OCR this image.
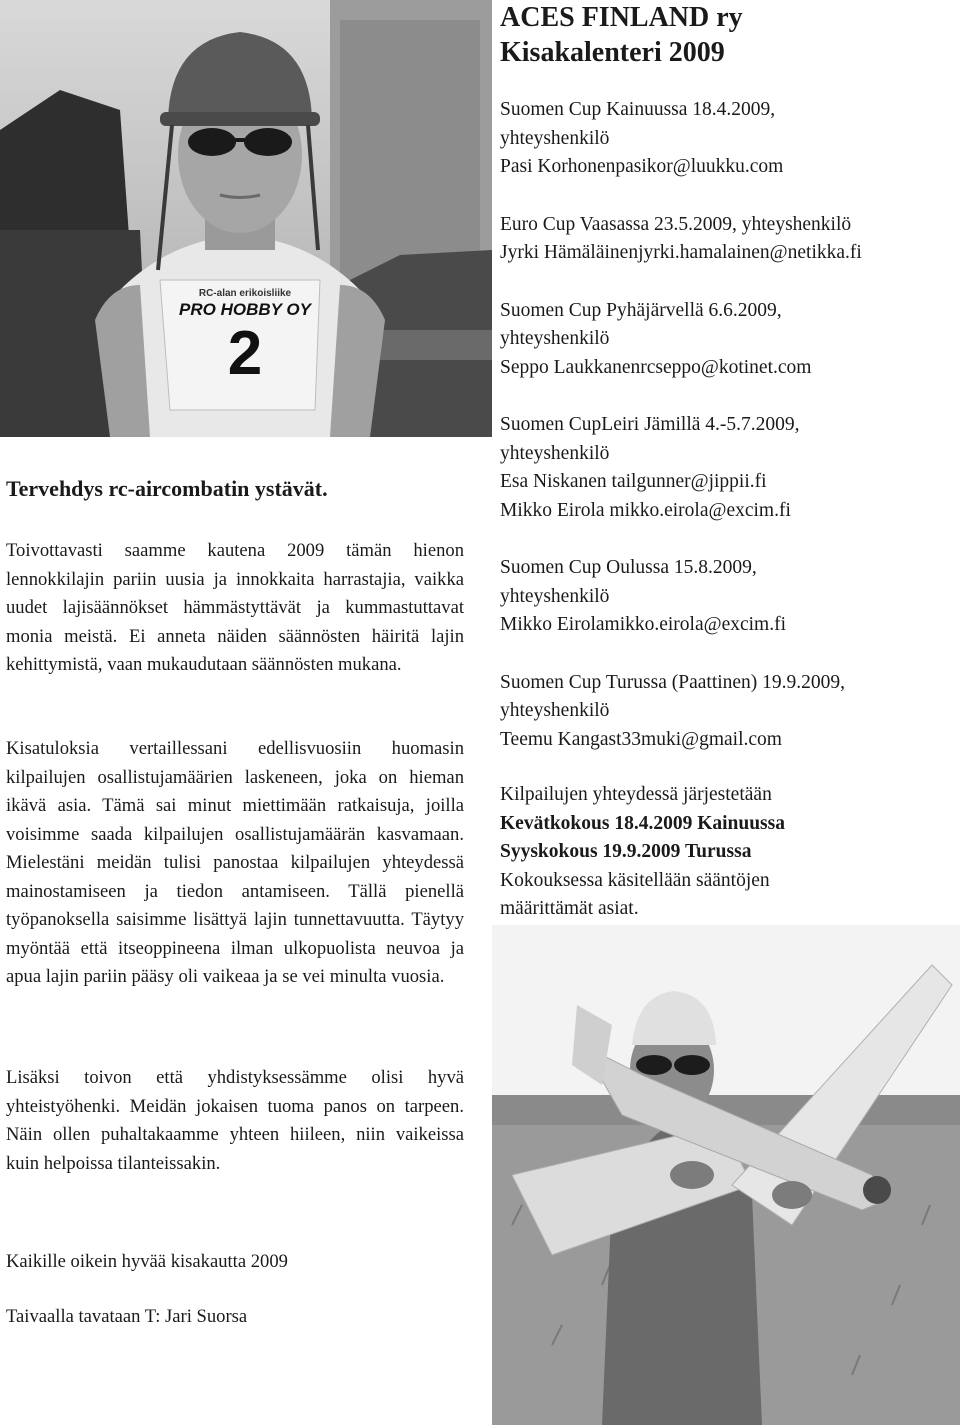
RC-alan erikoisliike
PRO HOBBY OY
2
ACES FINLAND ry
Kisakalenteri 2009
Suomen Cup Kainuussa 18.4.2009,
yhteyshenkilö
Pasi Korhonenpasikor@luukku.com
Euro Cup Vaasassa 23.5.2009, yhteyshenkilö
Jyrki Hämäläinenjyrki.hamalainen@netikka.fi
Suomen Cup Pyhäjärvellä 6.6.2009,
yhteyshenkilö
Seppo Laukkanenrcseppo@kotinet.com
Suomen CupLeiri Jämillä 4.-5.7.2009,
yhteyshenkilö
Esa Niskanen tailgunner@jippii.fi
Mikko Eirola mikko.eirola@excim.fi
Suomen Cup Oulussa 15.8.2009,
yhteyshenkilö
Mikko Eirolamikko.eirola@excim.fi
Suomen Cup Turussa (Paattinen) 19.9.2009,
yhteyshenkilö
Teemu Kangast33muki@gmail.com

Kilpailujen yhteydessä järjestetään
Kevätkokous 18.4.2009 Kainuussa
Syyskokous 19.9.2009 Turussa
Kokouksessa käsitellään sääntöjen
määrittämät asiat.

Tervehdys rc-aircombatin ystävät.

Toivottavasti saamme kautena 2009 tämän hienon lennokkilajin pariin uusia ja innokkaita harrastajia, vaikka uudet lajisäännökset hämmästyttävät ja kummastuttavat monia meistä. Ei anneta näiden säännösten häiritä lajin kehittymistä, vaan mukaudutaan säännösten mukana.

Kisatuloksia vertaillessani edellisvuosiin huomasin kilpailujen osallistujamäärien laskeneen, joka on hieman ikävä asia. Tämä sai minut miettimään ratkaisuja, joilla voisimme saada kilpailujen osallistujamäärän kasvamaan. Mielestäni meidän tulisi panostaa kilpailujen yhteydessä mainostamiseen ja tiedon antamiseen. Tällä pienellä työpanoksella saisimme lisättyä lajin tunnettavuutta. Täytyy myöntää että itseoppineena ilman ulkopuolista neuvoa ja apua lajin pariin pääsy oli vaikeaa ja se vei minulta vuosia.

Lisäksi toivon että yhdistyksessämme olisi hyvä yhteistyöhenki. Meidän jokaisen tuoma panos on tarpeen. Näin ollen puhaltakaamme yhteen hiileen, niin vaikeissa kuin helpoissa tilanteissakin.

Kaikille oikein hyvää kisakautta 2009

Taivaalla tavataan T: Jari Suorsa
